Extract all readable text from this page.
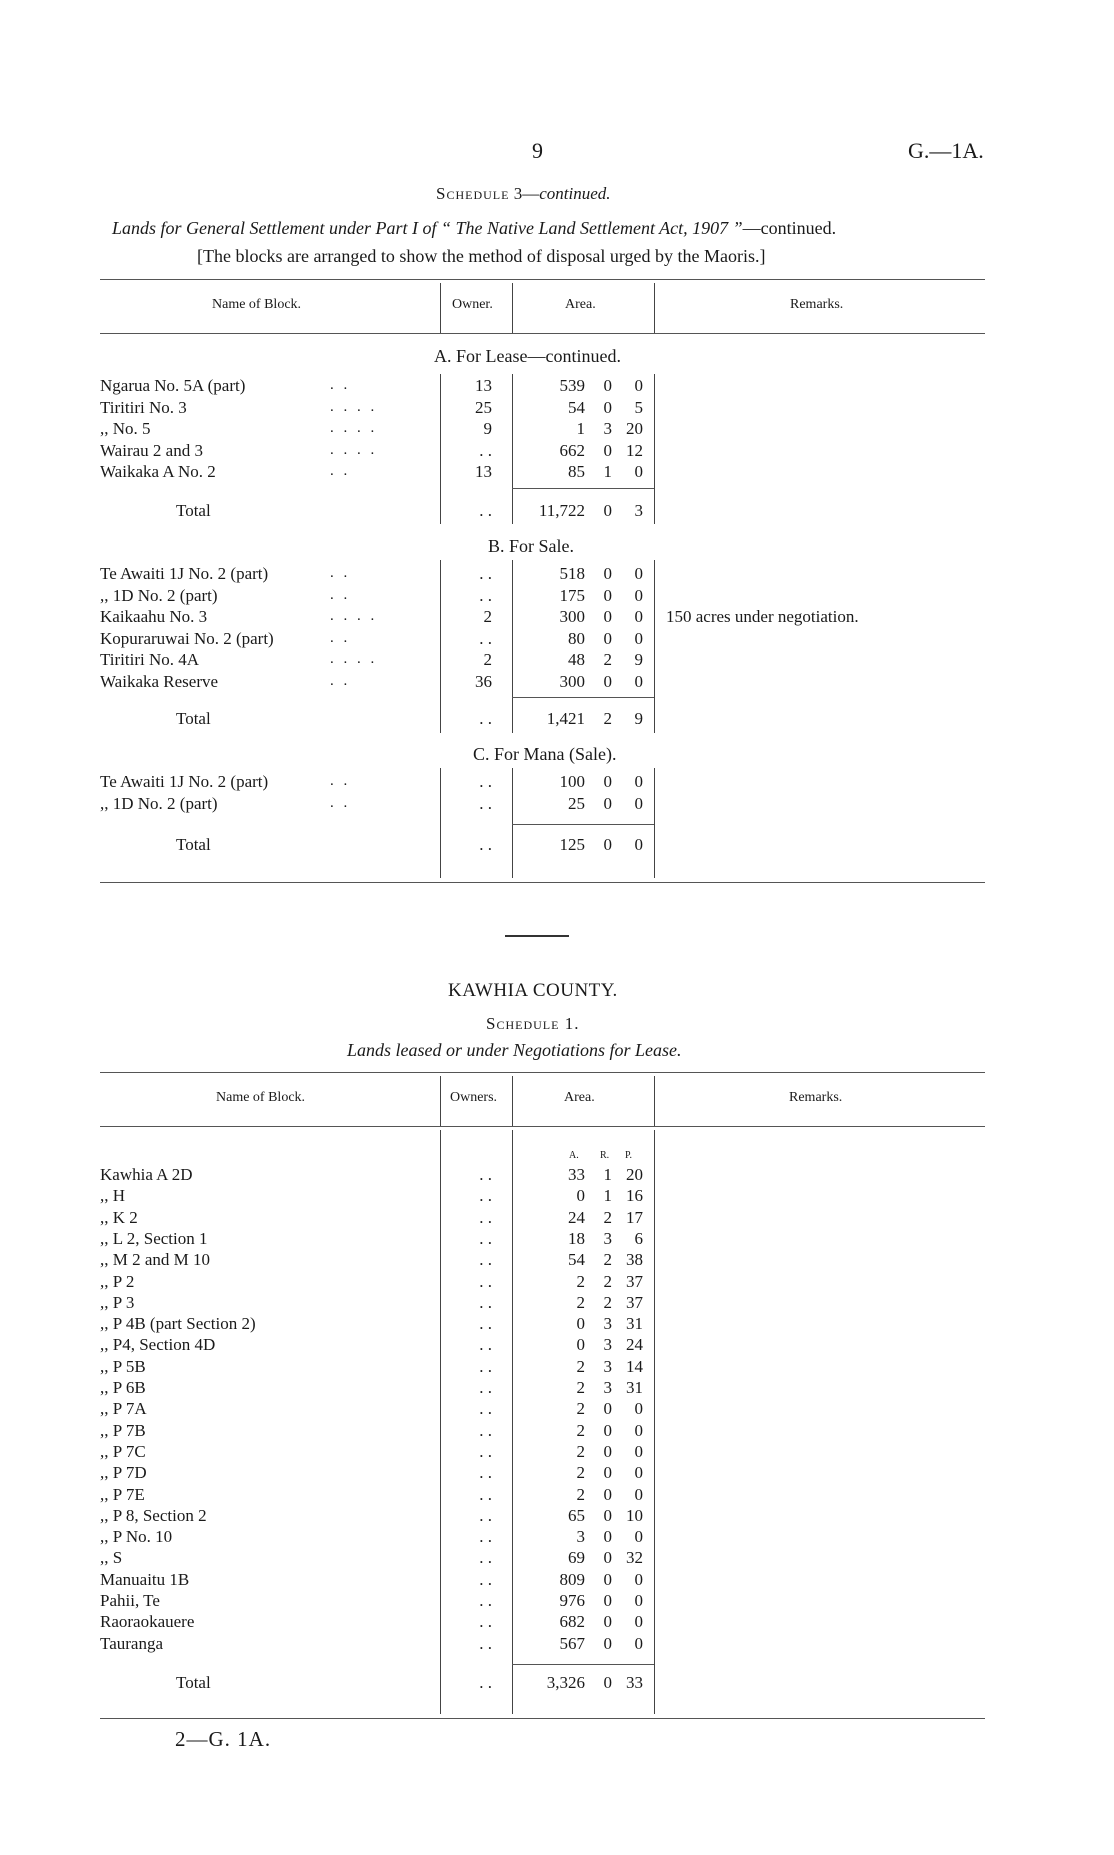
9	G.—1A.
Schedule 3—continued.
Lands for General Settlement under Part I of “ The Native Land Settlement Act, 1907 ”—continued.
[The blocks are arranged to show the method of disposal urged by the Maoris.]
Name of Block.	Owner.	Area.	Remarks.
A. For Lease—continued.
Ngarua No. 5A (part)	. .	13	539 0 0
Tiritiri No. 3	. . . .	25	54 0 5
,, No. 5	. . . .	9	1 3 20
Wairau 2 and 3	. . . .	. .	662 0 12
Waikaka A No. 2	. .	13	85 1 0
Total	. .	11,722 0 3
B. For Sale.
Te Awaiti 1J No. 2 (part)	. .	. .	518 0 0
,, 1D No. 2 (part)	. .	. .	175 0 0
Kaikaahu No. 3	. . . .	2	300 0 0 150 acres under negotiation.
Kopuraruwai No. 2 (part)	. .	. .	80 0 0
Tiritiri No. 4A	. . . .	2	48 2 9
Waikaka Reserve	. .	36	300 0 0
Total	. .	1,421 2 9
C. For Mana (Sale).
Te Awaiti 1J No. 2 (part)	. .	. .	100 0 0
,, 1D No. 2 (part)	. .	. .	25 0 0
Total	. .	125 0 0
KAWHIA COUNTY.
Schedule 1.
Lands leased or under Negotiations for Lease.
Name of Block.	Owners.	Area.	Remarks.
A. R. P.
Kawhia A 2D	. .	33 1 20
,, H	. .	0 1 16
,, K 2	. .	24 2 17
,, L 2, Section 1	. .	18 3 6
,, M 2 and M 10	. .	54 2 38
,, P 2	. .	2 2 37
,, P 3	. .	2 2 37
,, P 4B (part Section 2)	. .	0 3 31
,, P4, Section 4D	. .	0 3 24
,, P 5B	. .	2 3 14
,, P 6B	. .	2 3 31
,, P 7A	. .	2 0 0
,, P 7B	. .	2 0 0
,, P 7C	. .	2 0 0
,, P 7D	. .	2 0 0
,, P 7E	. .	2 0 0
,, P 8, Section 2	. .	65 0 10
,, P No. 10	. .	3 0 0
,, S	. .	69 0 32
Manuaitu 1B	. .	809 0 0
Pahii, Te	. .	976 0 0
Raoraokauere	. .	682 0 0
Tauranga	. .	567 0 0
Total	. .	3,326 0 33
2—G. 1A.
